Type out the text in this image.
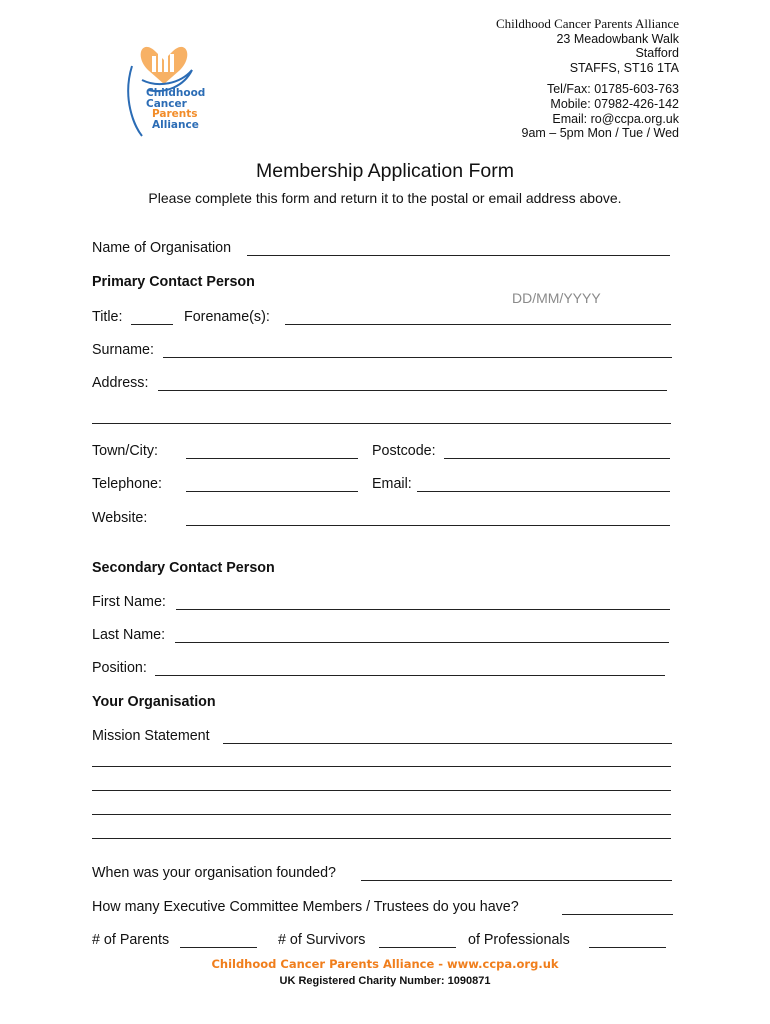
Childhood
Cancer
Parents
Alliance
Childhood Cancer Parents Alliance
23 Meadowbank Walk
Stafford
STAFFS, ST16 1TA
Tel/Fax: 01785-603-763
Mobile: 07982-426-142
Email: ro@ccpa.org.uk
9am – 5pm Mon / Tue / Wed
Membership Application Form
Please complete this form and return it to the postal or email address above.
Name of Organisation
Primary Contact Person
DD/MM/YYYY
Title:	Forename(s):
Surname:
Address:
Town/City:	Postcode:
Telephone:	Email:
Website:
Secondary Contact Person
First Name:
Last Name:
Position:
Your Organisation
Mission Statement
When was your organisation founded?
How many Executive Committee Members / Trustees do you have?
# of Parents	# of Survivors	of Professionals
Childhood Cancer Parents Alliance - www.ccpa.org.uk
UK Registered Charity Number: 1090871
